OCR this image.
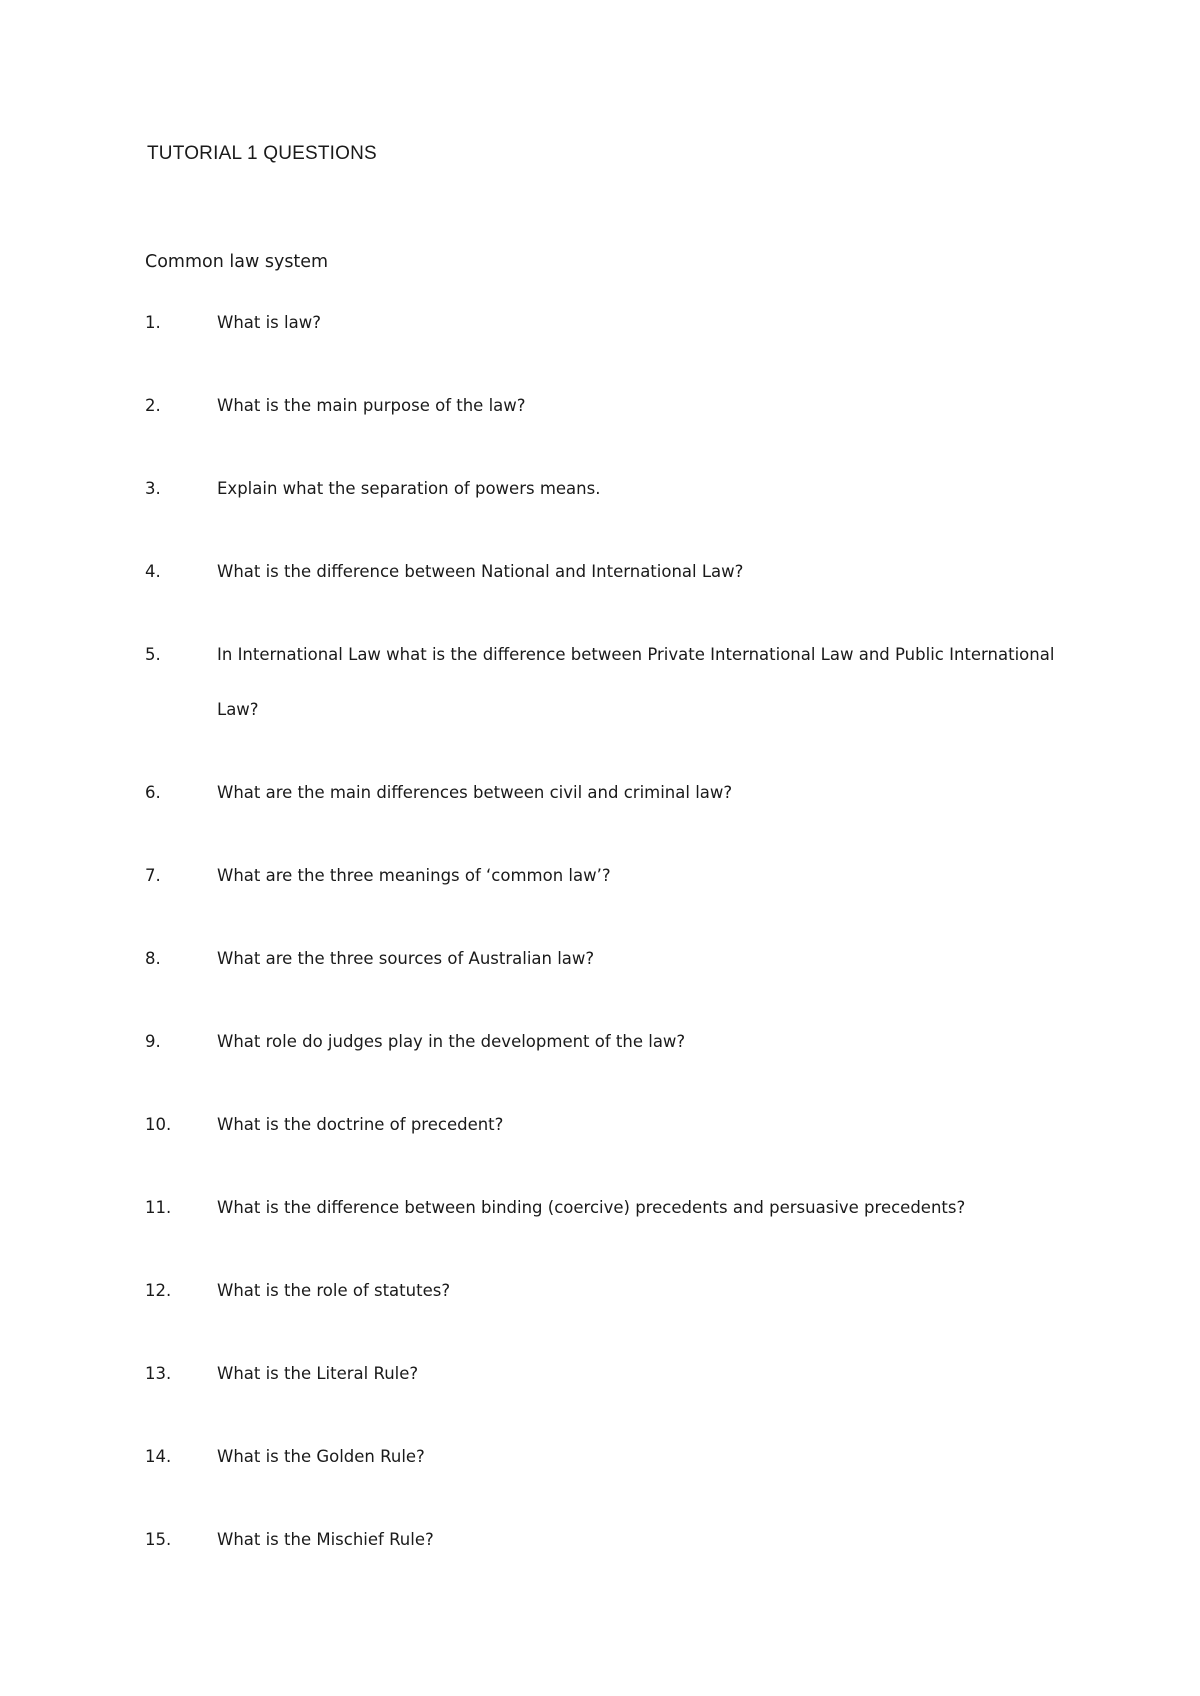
TUTORIAL 1 QUESTIONS
Common law system
1.	What is law?
2.	What is the main purpose of the law?
3.	Explain what the separation of powers means.
4.	What is the difference between National and International Law?
5.	In International Law what is the difference between Private International Law and Public International Law?
6.	What are the main differences between civil and criminal law?
7.	What are the three meanings of ‘common law’?
8.	What are the three sources of Australian law?
9.	What role do judges play in the development of the law?
10.	What is the doctrine of precedent?
11.	What is the difference between binding (coercive) precedents and persuasive precedents?
12.	What is the role of statutes?
13.	What is the Literal Rule?
14.	What is the Golden Rule?
15.	What is the Mischief Rule?
